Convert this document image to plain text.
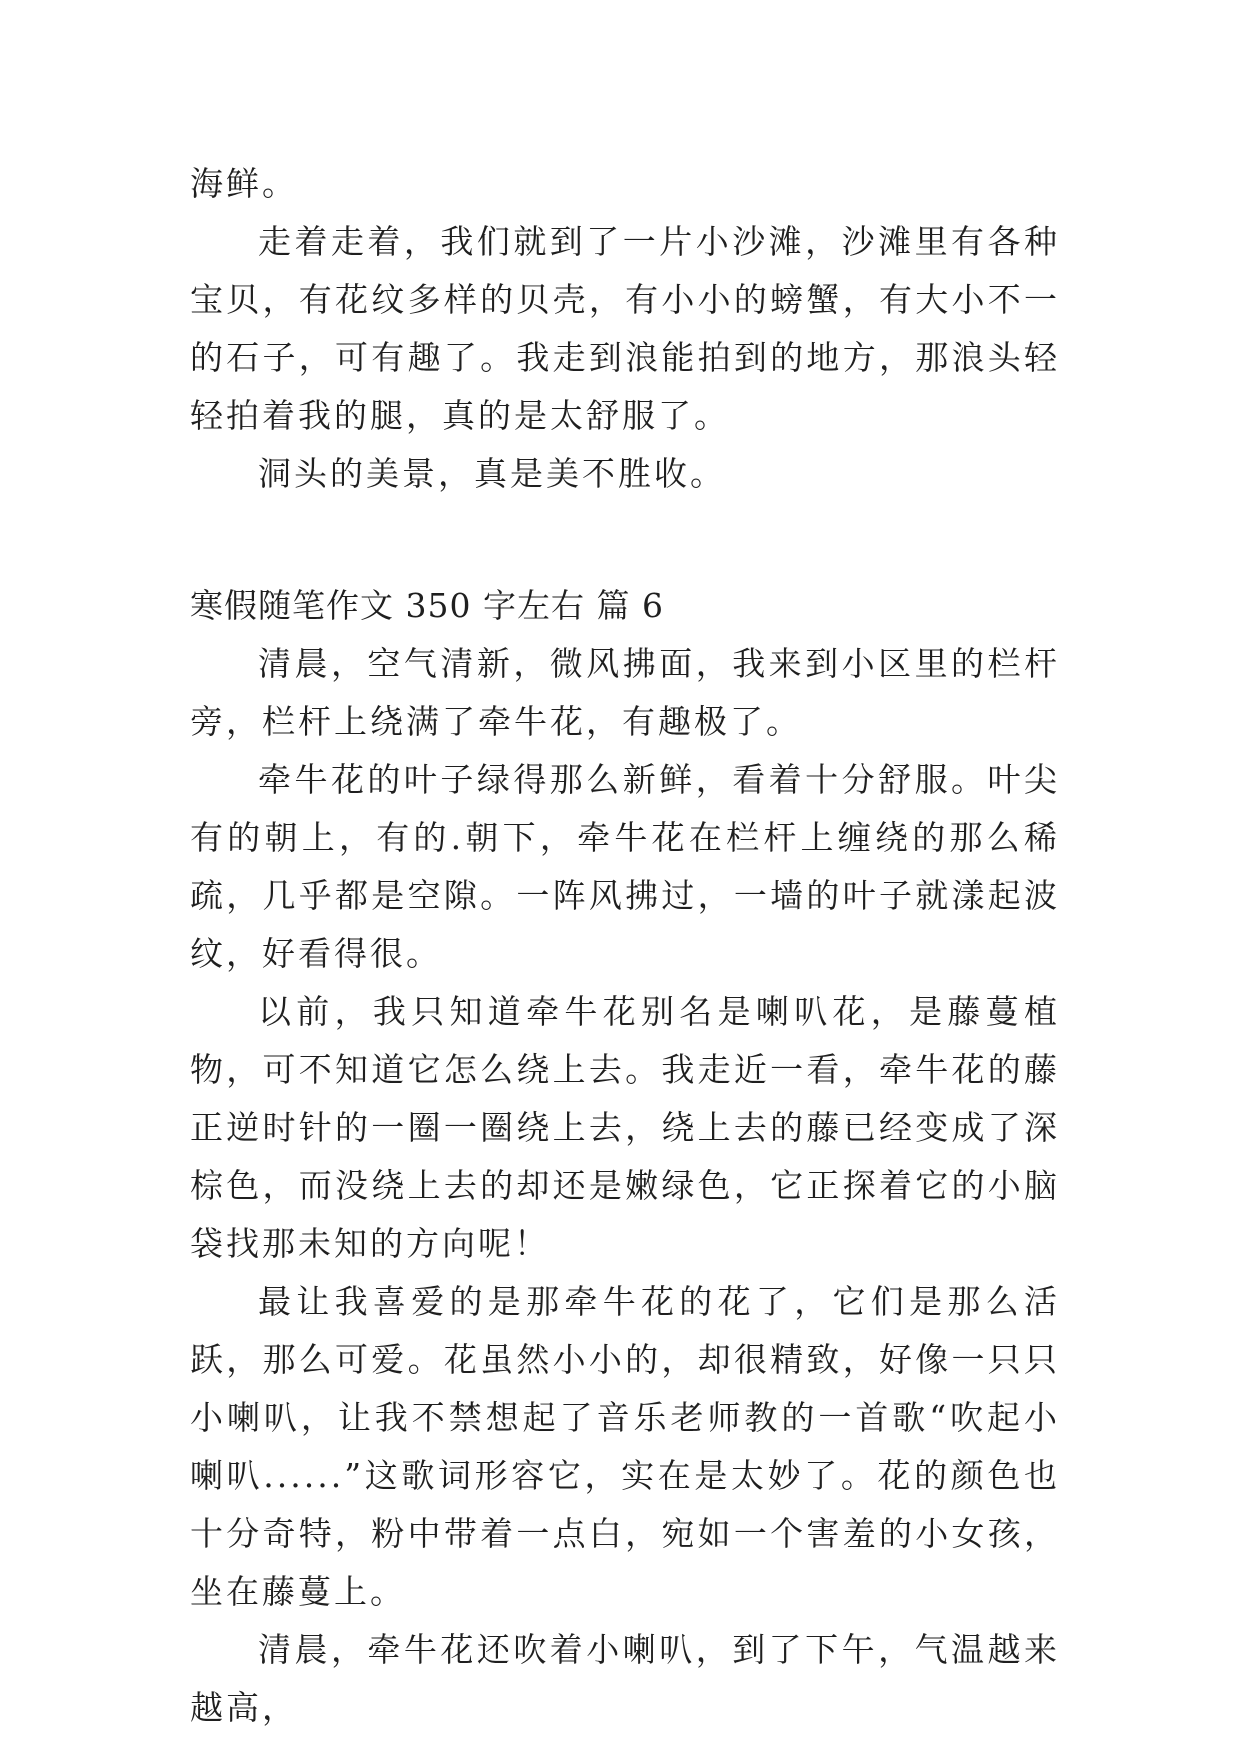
海鲜。

走着走着，我们就到了一片小沙滩，沙滩里有各种宝贝，有花纹多样的贝壳，有小小的螃蟹，有大小不一的石子，可有趣了。我走到浪能拍到的地方，那浪头轻轻拍着我的腿，真的是太舒服了。

洞头的美景，真是美不胜收。

寒假随笔作文 350 字左右 篇 6

清晨，空气清新，微风拂面，我来到小区里的栏杆旁，栏杆上绕满了牵牛花，有趣极了。

牵牛花的叶子绿得那么新鲜，看着十分舒服。叶尖有的朝上，有的.朝下，牵牛花在栏杆上缠绕的那么稀疏，几乎都是空隙。一阵风拂过，一墙的叶子就漾起波纹，好看得很。

以前，我只知道牵牛花别名是喇叭花，是藤蔓植物，可不知道它怎么绕上去。我走近一看，牵牛花的藤正逆时针的一圈一圈绕上去，绕上去的藤已经变成了深棕色，而没绕上去的却还是嫩绿色，它正探着它的小脑袋找那未知的方向呢！

最让我喜爱的是那牵牛花的花了，它们是那么活跃，那么可爱。花虽然小小的，却很精致，好像一只只小喇叭，让我不禁想起了音乐老师教的一首歌“吹起小喇叭......”这歌词形容它，实在是太妙了。花的颜色也十分奇特，粉中带着一点白，宛如一个害羞的小女孩，坐在藤蔓上。

清晨，牵牛花还吹着小喇叭，到了下午，气温越来越高，
